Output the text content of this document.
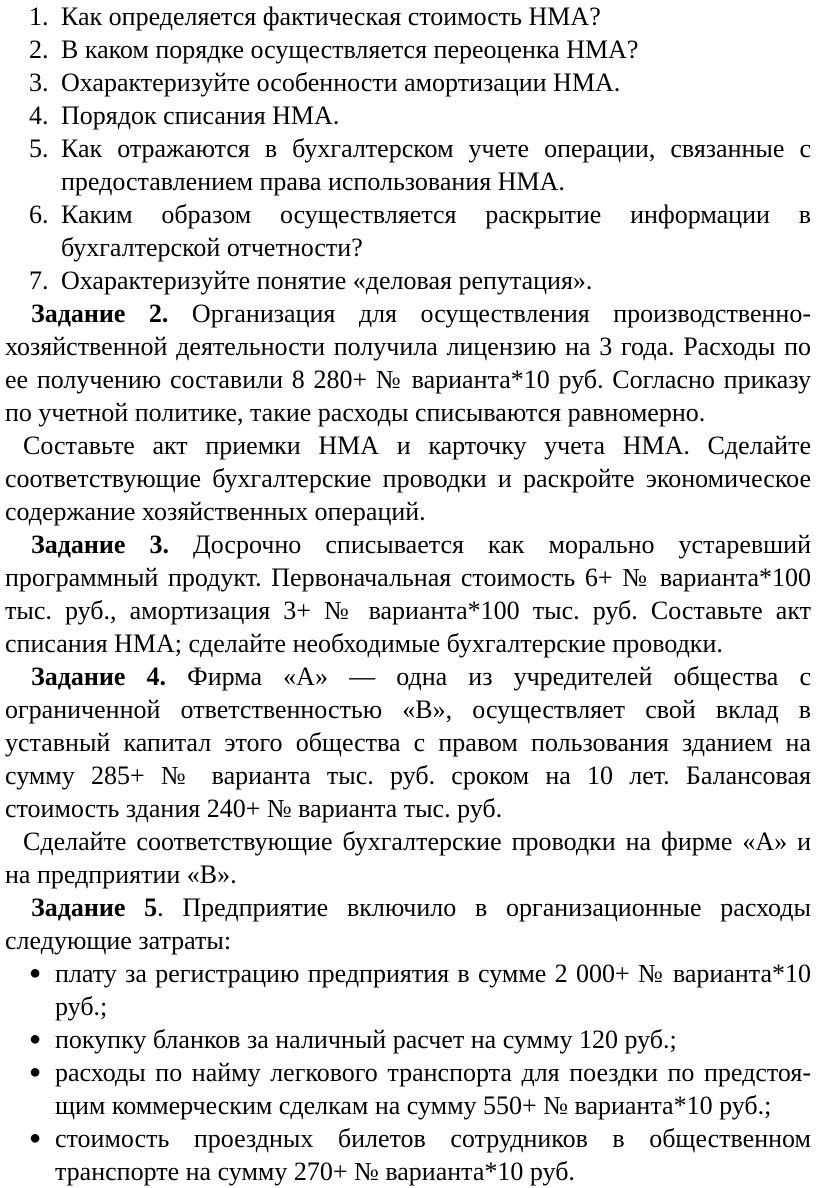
1. Как определяется фактическая стоимость НМА?
2. В каком порядке осуществляется переоценка НМА?
3. Охарактеризуйте особенности амортизации НМА.
4. Порядок списания НМА.
5. Как отражаются в бухгалтерском учете операции, связанные с предоставлением права использования НМА.
6. Каким образом осуществляется раскрытие информации в бухгалтерской отчетности?
7. Охарактеризуйте понятие «деловая репутация».

Задание 2. Организация для осуществления производственно-хозяйственной деятельности получила лицензию на 3 года. Расходы по ее получению составили 8 280+ № варианта*10 руб. Согласно приказу по учетной политике, такие расходы списываются равномерно.

Составьте акт приемки НМА и карточку учета НМА. Сделайте соответствующие бухгалтерские проводки и раскройте экономическое содержание хозяйственных операций.

Задание 3. Досрочно списывается как морально устаревший программный продукт. Первоначальная стоимость 6+ № варианта*100 тыс. руб., амортизация 3+ № варианта*100 тыс. руб. Составьте акт списания НМА; сделайте необходимые бухгалтерские проводки.

Задание 4. Фирма «А» — одна из учредителей общества с ограниченной ответственностью «В», осуществляет свой вклад в уставный капитал этого общества с правом пользования зданием на сумму 285+ № варианта тыс. руб. сроком на 10 лет. Балансовая стоимость здания 240+ № варианта тыс. руб.

Сделайте соответствующие бухгалтерские проводки на фирме «А» и на предприятии «В».

Задание 5. Предприятие включило в организационные расходы следующие затраты:

● плату за регистрацию предприятия в сумме 2 000+ № варианта*10 руб.;
● покупку бланков за наличный расчет на сумму 120 руб.;
● расходы по найму легкового транспорта для поездки по предстоя-щим коммерческим сделкам на сумму 550+ № варианта*10 руб.;
● стоимость проездных билетов сотрудников в общественном транспорте на сумму 270+ № варианта*10 руб.
